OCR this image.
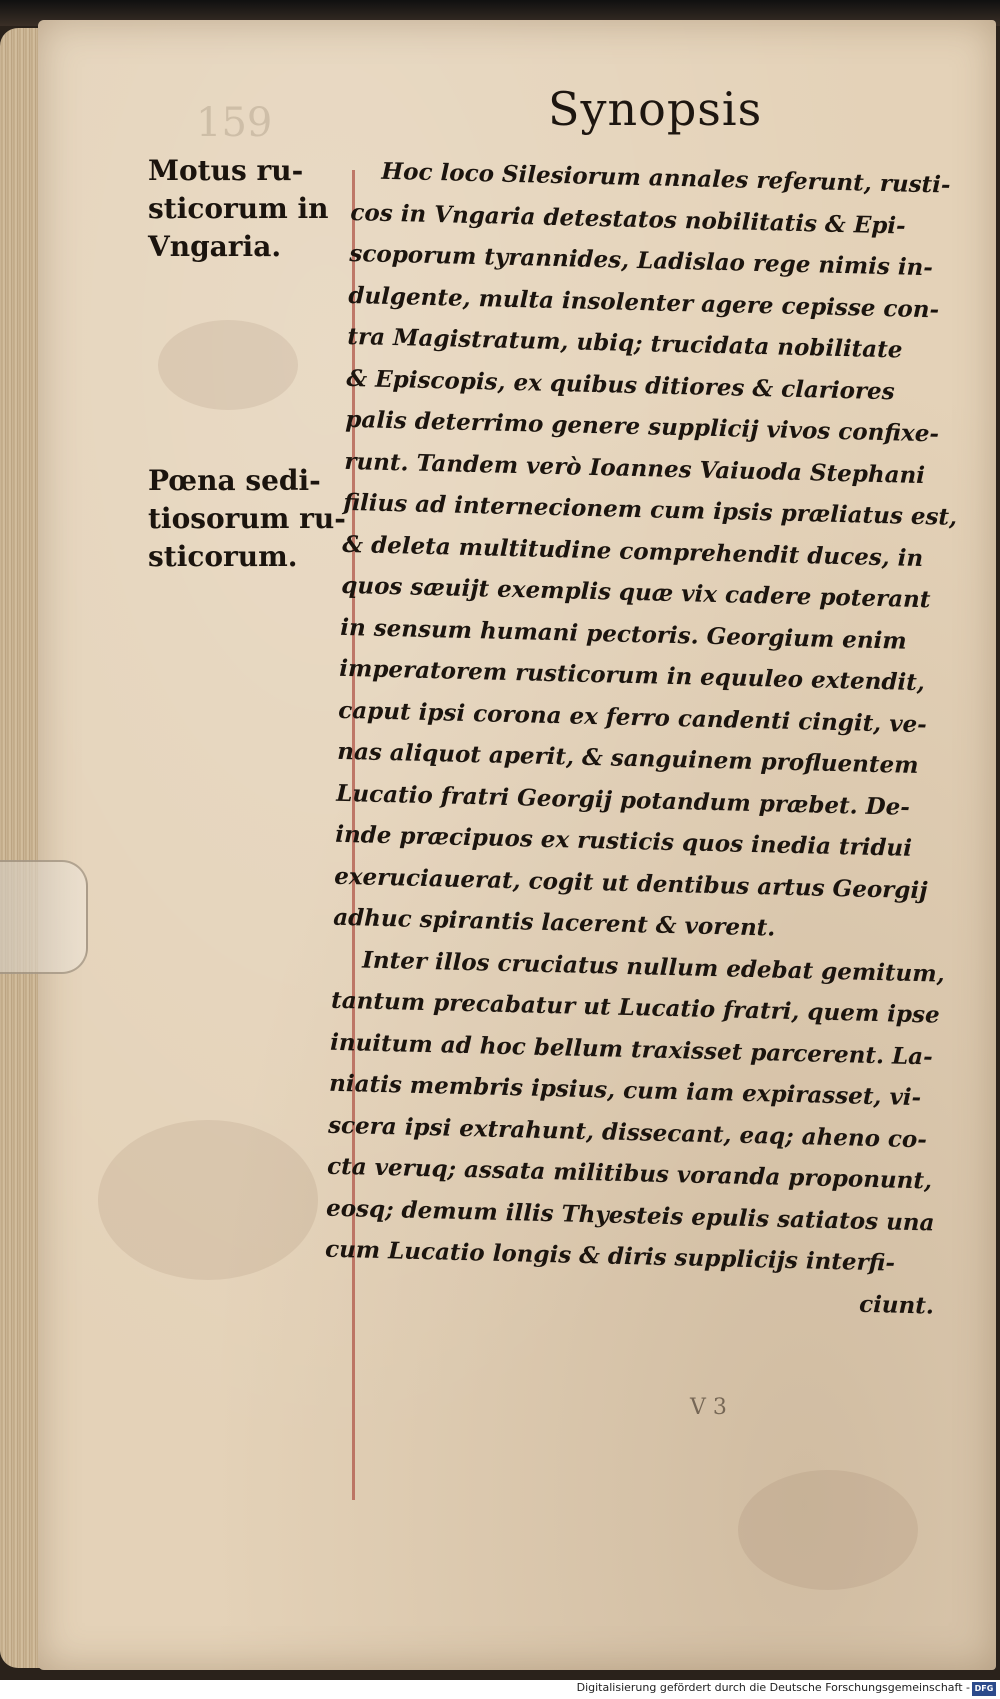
159	Synopsis
Motus ru-
sticorum in
Vngaria.
Pœna sedi-
tiosorum ru-
sticorum.
Hoc loco Silesiorum annales referunt, rusti-
cos in Vngaria detestatos nobilitatis & Epi-
scoporum tyrannides, Ladislao rege nimis in-
dulgente, multa insolenter agere cepisse con-
tra Magistratum, ubiq; trucidata nobilitate
& Episcopis, ex quibus ditiores & clariores
palis deterrimo genere supplicij vivos confixe-
runt. Tandem verò Ioannes Vaiuoda Stephani
filius ad internecionem cum ipsis præliatus est,
& deleta multitudine comprehendit duces, in
quos sæuijt exemplis quæ vix cadere poterant
in sensum humani pectoris. Georgium enim
imperatorem rusticorum in equuleo extendit,
caput ipsi corona ex ferro candenti cingit, ve-
nas aliquot aperit, & sanguinem profluentem
Lucatio fratri Georgij potandum præbet. De-
inde præcipuos ex rusticis quos inedia tridui
exeruciauerat, cogit ut dentibus artus Georgij
adhuc spirantis lacerent & vorent.
Inter illos cruciatus nullum edebat gemitum,
tantum precabatur ut Lucatio fratri, quem ipse
inuitum ad hoc bellum traxisset parcerent. La-
niatis membris ipsius, cum iam expirasset, vi-
scera ipsi extrahunt, dissecant, eaq; aheno co-
cta veruq; assata militibus voranda proponunt,
eosq; demum illis Thyesteis epulis satiatos una
cum Lucatio longis & diris supplicijs interfi-
ciunt.
V 3
Digitalisierung gefördert durch die Deutsche Forschungsgemeinschaft - DFG
